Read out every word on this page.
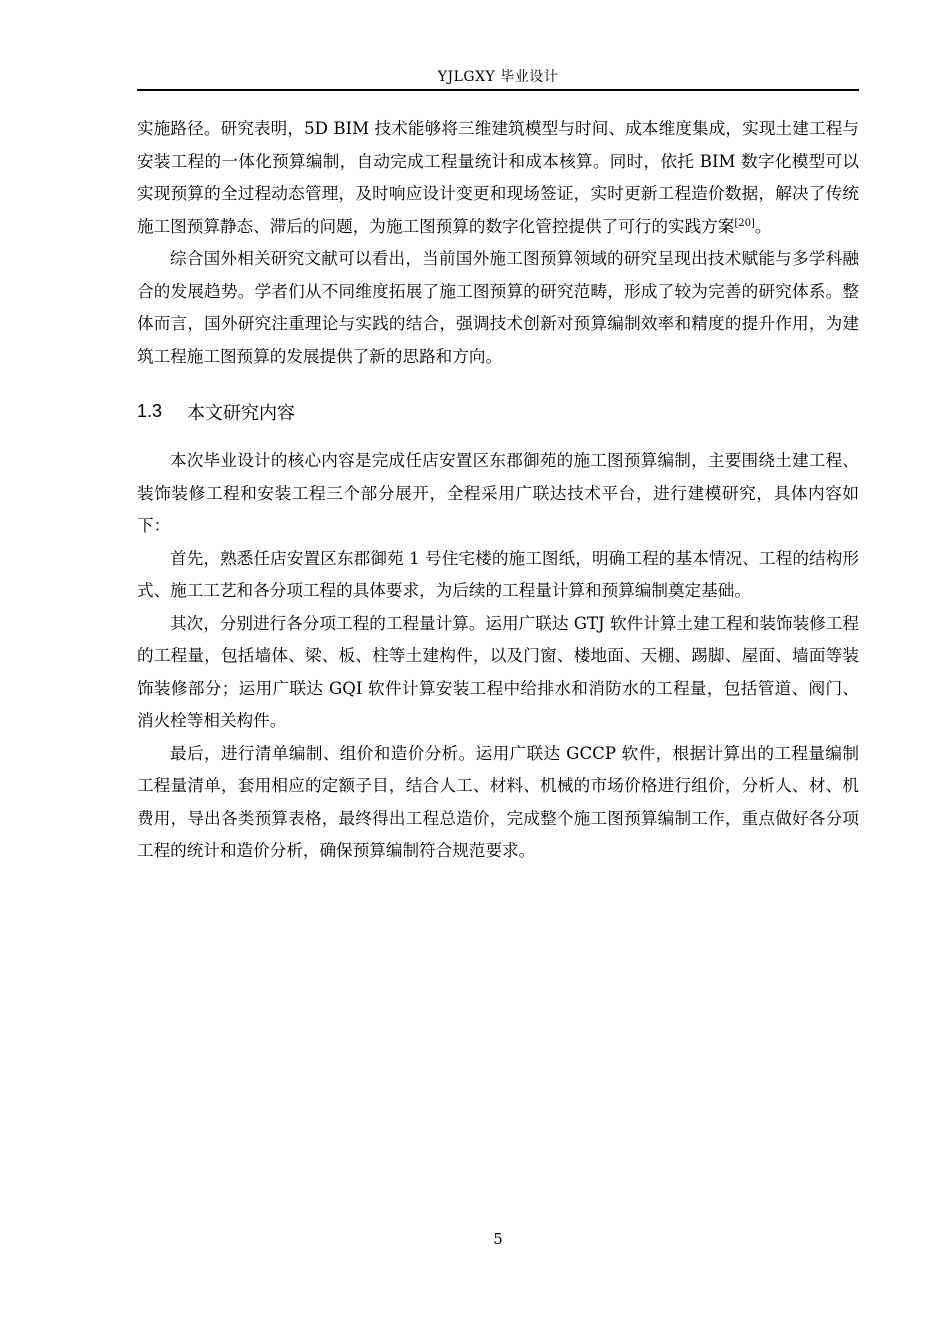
YJLGXY 毕业设计

实施路径。研究表明，5D BIM 技术能够将三维建筑模型与时间、成本维度集成，实现土建工程与安装工程的一体化预算编制，自动完成工程量统计和成本核算。同时，依托 BIM 数字化模型可以实现预算的全过程动态管理，及时响应设计变更和现场签证，实时更新工程造价数据，解决了传统施工图预算静态、滞后的问题，为施工图预算的数字化管控提供了可行的实践方案[20]。

综合国外相关研究文献可以看出，当前国外施工图预算领域的研究呈现出技术赋能与多学科融合的发展趋势。学者们从不同维度拓展了施工图预算的研究范畴，形成了较为完善的研究体系。整体而言，国外研究注重理论与实践的结合，强调技术创新对预算编制效率和精度的提升作用，为建筑工程施工图预算的发展提供了新的思路和方向。

1.3	本文研究内容

本次毕业设计的核心内容是完成任店安置区东郡御苑的施工图预算编制，主要围绕土建工程、装饰装修工程和安装工程三个部分展开，全程采用广联达技术平台，进行建模研究，具体内容如下：

首先，熟悉任店安置区东郡御苑 1 号住宅楼的施工图纸，明确工程的基本情况、工程的结构形式、施工工艺和各分项工程的具体要求，为后续的工程量计算和预算编制奠定基础。

其次，分别进行各分项工程的工程量计算。运用广联达 GTJ 软件计算土建工程和装饰装修工程的工程量，包括墙体、梁、板、柱等土建构件，以及门窗、楼地面、天棚、踢脚、屋面、墙面等装饰装修部分；运用广联达 GQI 软件计算安装工程中给排水和消防水的工程量，包括管道、阀门、消火栓等相关构件。

最后，进行清单编制、组价和造价分析。运用广联达 GCCP 软件，根据计算出的工程量编制工程量清单，套用相应的定额子目，结合人工、材料、机械的市场价格进行组价，分析人、材、机费用，导出各类预算表格，最终得出工程总造价，完成整个施工图预算编制工作，重点做好各分项工程的统计和造价分析，确保预算编制符合规范要求。

5
